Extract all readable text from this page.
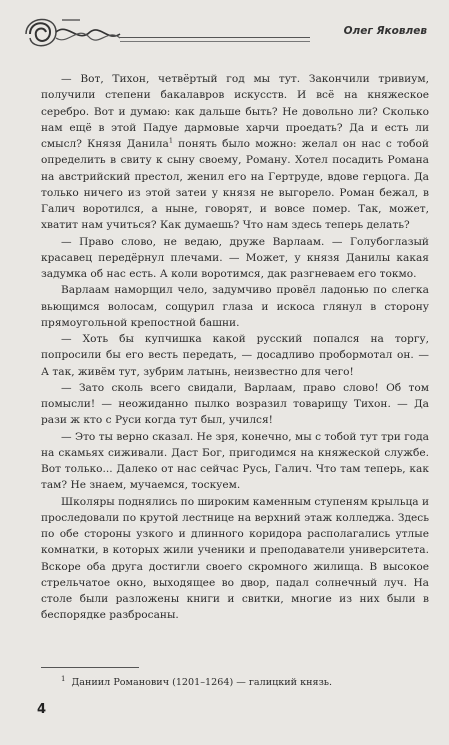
Олег Яковлев

— Вот, Тихон, четвёртый год мы тут. Закончили тривиум, получили степени бакалавров искусств. И всё на княжеское серебро. Вот и думаю: как дальше быть? Не довольно ли? Сколько нам ещё в этой Падуе дармовые харчи проедать? Да и есть ли смысл? Князя Данила$^1$ понять было можно: желал он нас с тобой определить в свиту к сыну своему, Роману. Хотел посадить Романа на австрийский престол, женил его на Гертруде, вдове герцога. Да только ничего из этой затеи у князя не выгорело. Роман бежал, в Галич воротился, а ныне, говорят, и вовсе помер. Так, может, хватит нам учиться? Как думаешь? Что нам здесь теперь делать?

— Право слово, не ведаю, друже Варлаам. — Голубоглазый красавец передёрнул плечами. — Может, у князя Данилы какая задумка об нас есть. А коли воротимся, дак разгневаем его токмо.

Варлаам наморщил чело, задумчиво провёл ладонью по слегка вьющимся волосам, сощурил глаза и искоса глянул в сторону прямоугольной крепостной башни.

— Хоть бы купчишка какой русский попался на торгу, попросили бы его весть передать, — досадливо пробормотал он. — А так, живём тут, зубрим латынь, неизвестно для чего!

— Зато сколь всего свидали, Варлаам, право слово! Об том помысли! — неожиданно пылко возразил товарищу Тихон. — Да рази ж кто с Руси когда тут был, учился!

— Это ты верно сказал. Не зря, конечно, мы с тобой тут три года на скамьях сиживали. Даст Бог, пригодимся на княжеской службе. Вот только... Далеко от нас сейчас Русь, Галич. Что там теперь, как там? Не знаем, мучаемся, тоскуем.

Школяры поднялись по широким каменным ступеням крыльца и проследовали по крутой лестнице на верхний этаж колледжа. Здесь по обе стороны узкого и длинного коридора располагались утлые комнатки, в которых жили ученики и преподаватели университета. Вскоре оба друга достигли своего скромного жилища. В высокое стрельчатое окно, выходящее во двор, падал солнечный луч. На столе были разложены книги и свитки, многие из них были в беспорядке разбросаны.

$^1$ Даниил Романович (1201–1264) — галицкий князь.
4
